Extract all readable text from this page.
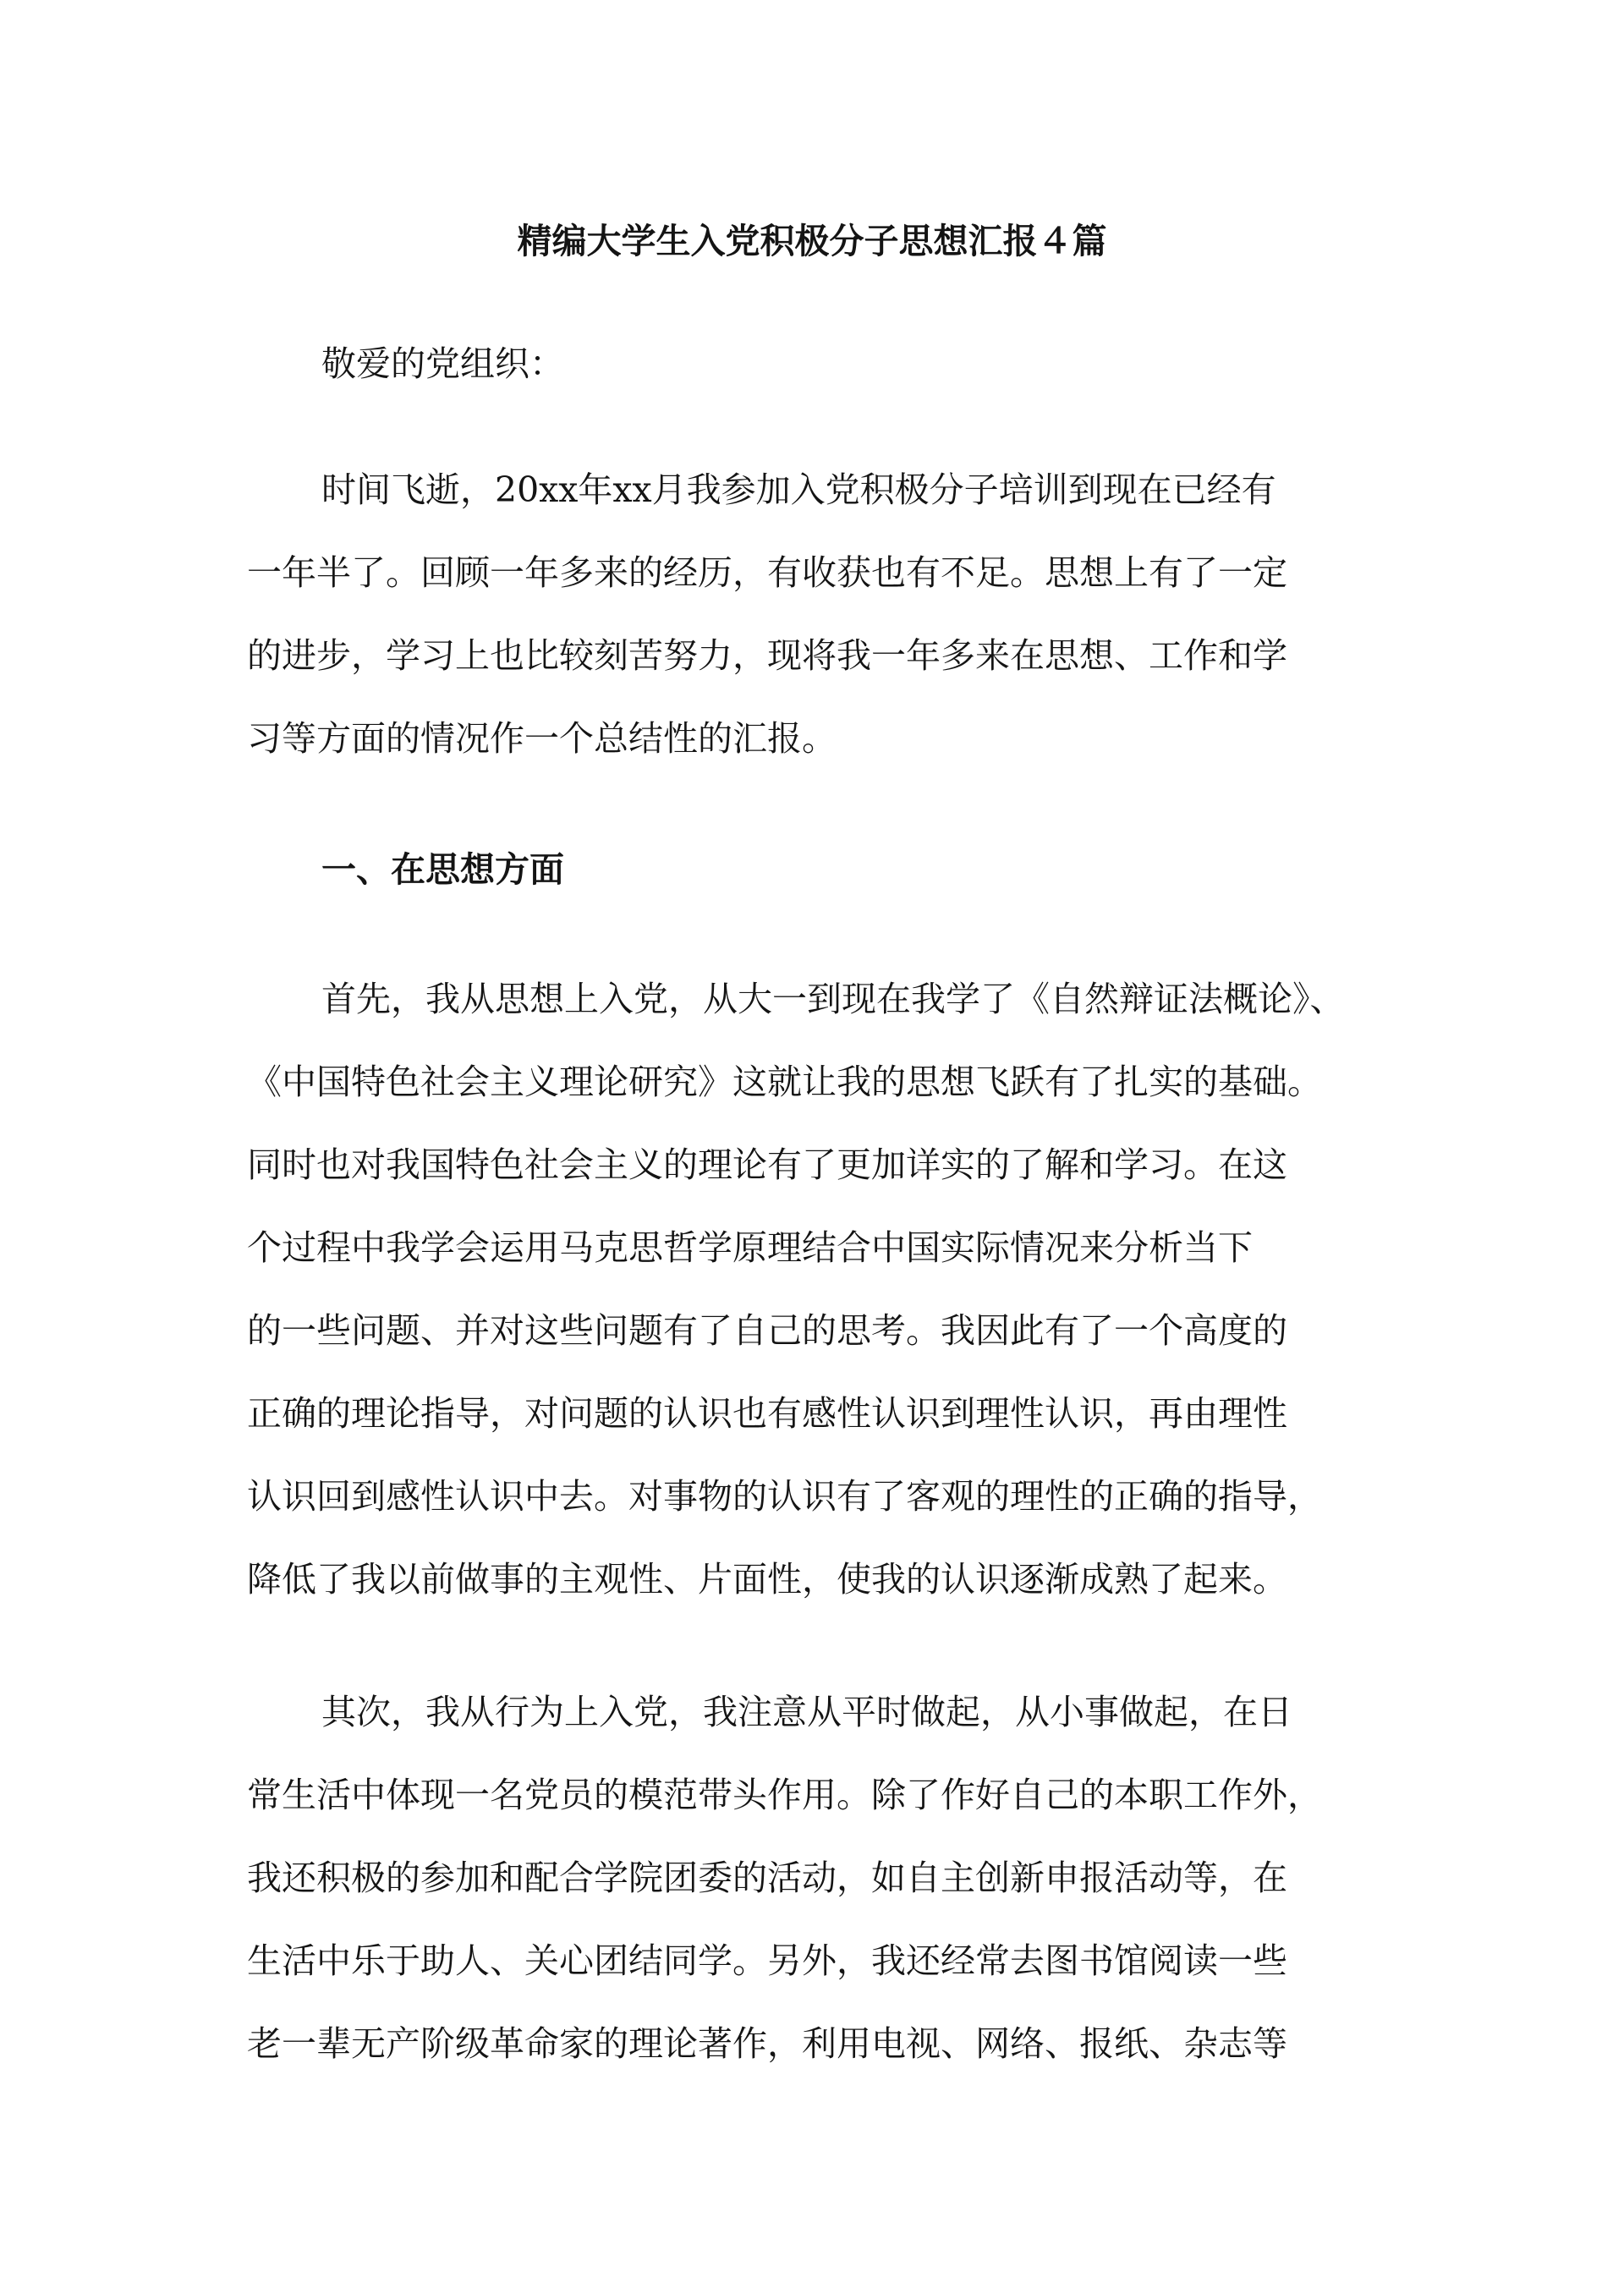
精编大学生入党积极分子思想汇报４篇

敬爱的党组织：

时间飞逝，20xx年xx月我参加入党积极分子培训到现在已经有
一年半了。回顾一年多来的经历，有收获也有不足。思想上有了一定
的进步，学习上也比较刻苦努力，现将我一年多来在思想、工作和学
习等方面的情况作一个总结性的汇报。
一、在思想方面
首先，我从思想上入党，从大一到现在我学了《自然辩证法概论》、
《中国特色社会主义理论研究》这就让我的思想飞跃有了扎实的基础。
同时也对我国特色社会主义的理论有了更加详实的了解和学习。在这
个过程中我学会运用马克思哲学原理结合中国实际情况来分析当下
的一些问题、并对这些问题有了自己的思考。我因此有了一个高度的
正确的理论指导，对问题的认识也有感性认识到理性认识，再由理性
认识回到感性认识中去。对事物的认识有了客观的理性的正确的指导，
降低了我以前做事的主观性、片面性，使我的认识逐渐成熟了起来。
其次，我从行为上入党，我注意从平时做起，从小事做起，在日
常生活中体现一名党员的模范带头作用。除了作好自己的本职工作外，
我还积极的参加和配合学院团委的活动，如自主创新申报活动等，在
生活中乐于助人、关心团结同学。另外，我还经常去图书馆阅读一些
老一辈无产阶级革命家的理论著作，利用电视、网络、报纸、杂志等
